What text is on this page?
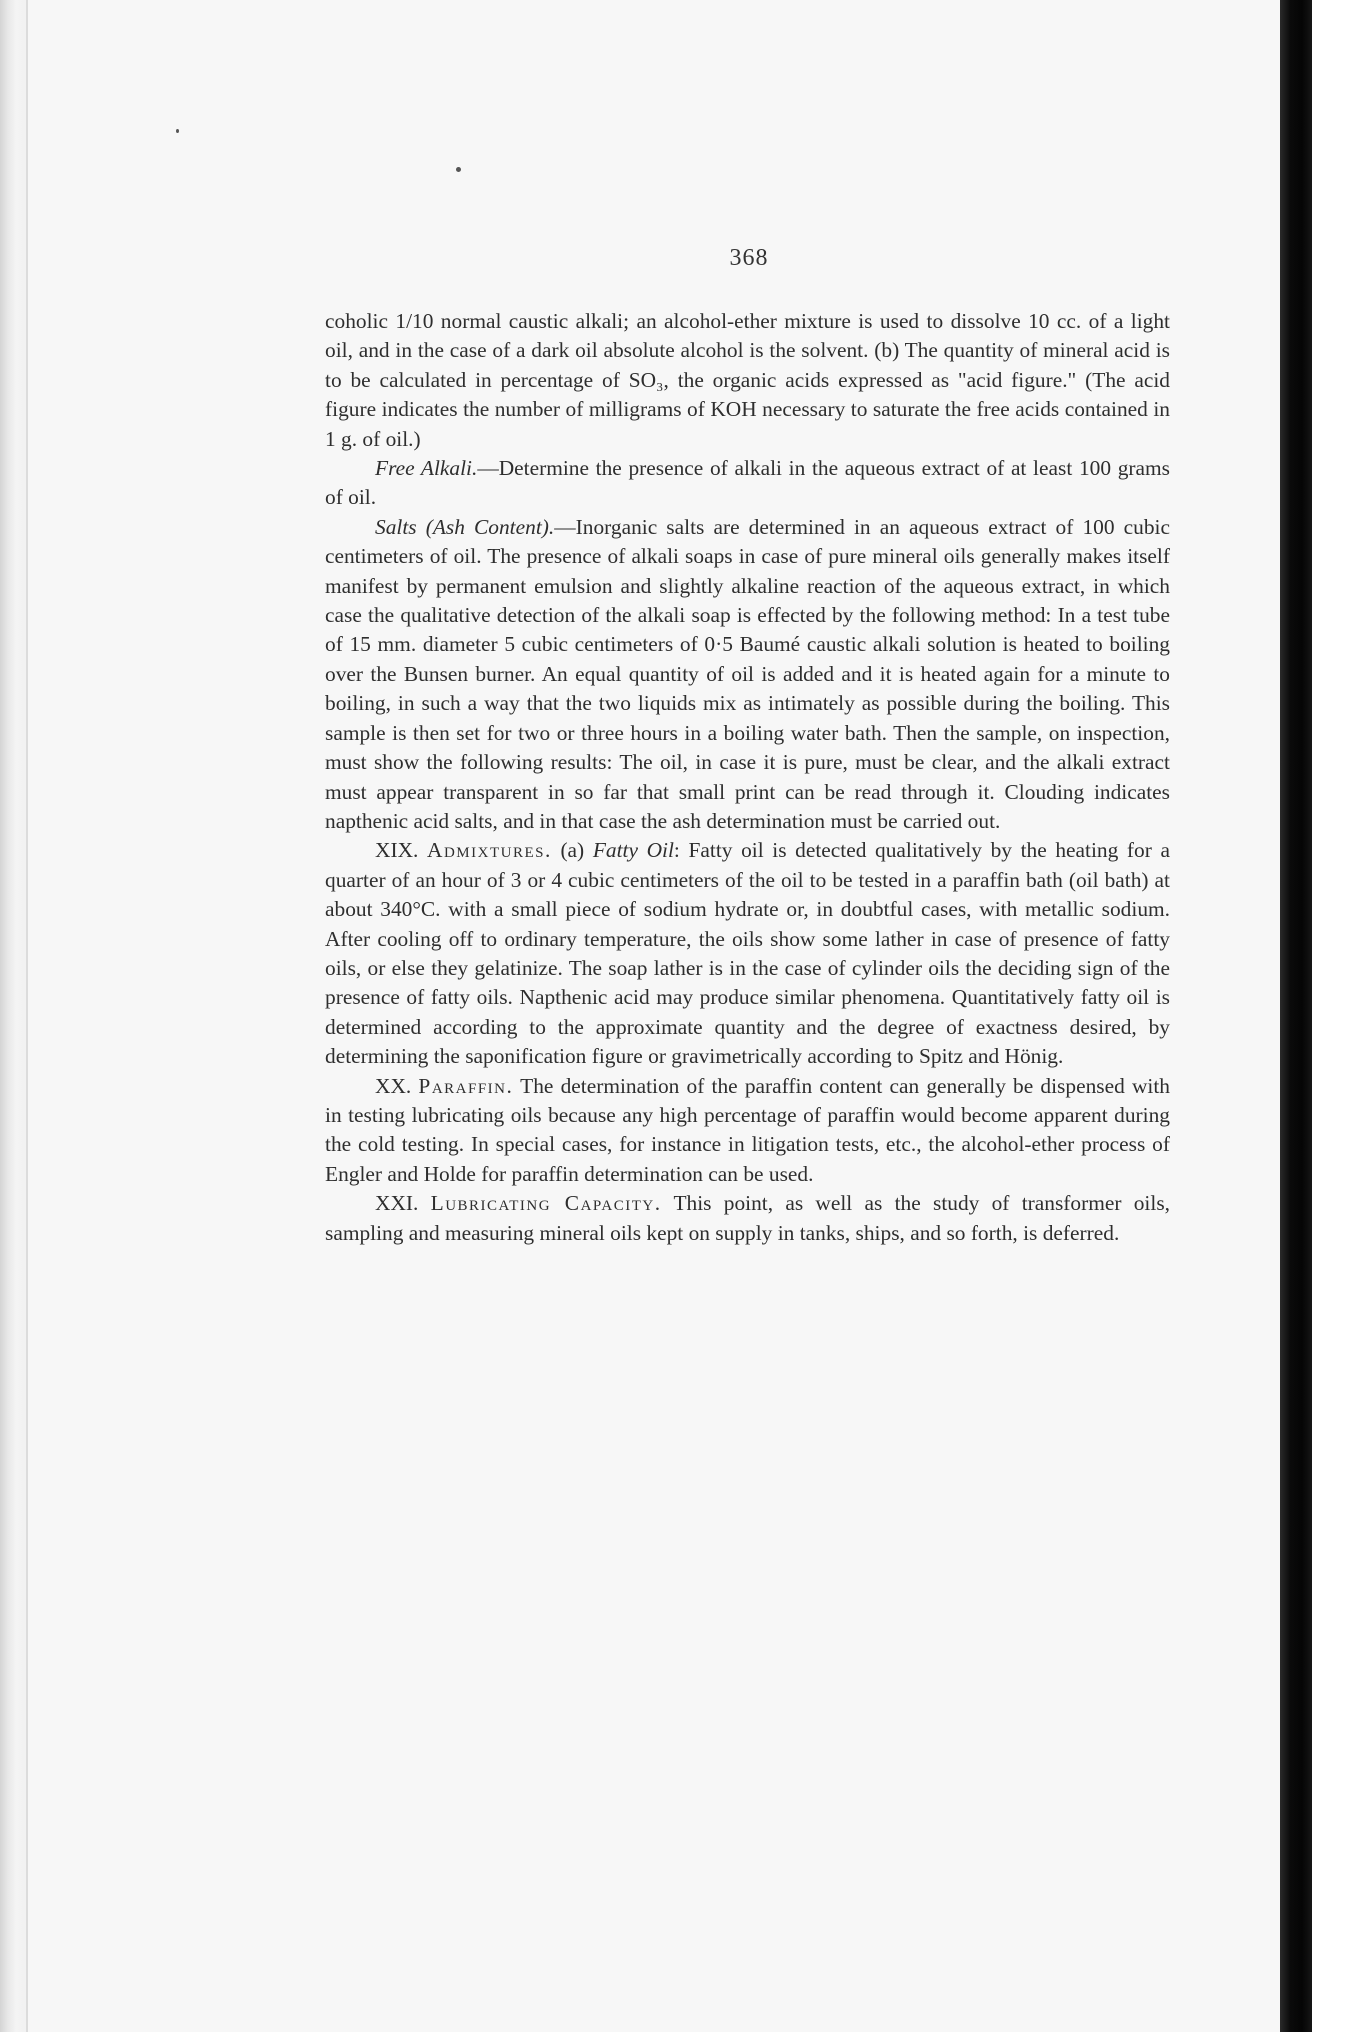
368

coholic 1/10 normal caustic alkali; an alcohol-ether mixture is used to dissolve 10 cc. of a light oil, and in the case of a dark oil absolute alcohol is the solvent. (b) The quantity of mineral acid is to be calculated in percentage of SO₃, the organic acids expressed as "acid figure." (The acid figure indicates the number of milligrams of KOH necessary to saturate the free acids contained in 1 g. of oil.)

Free Alkali.—Determine the presence of alkali in the aqueous extract of at least 100 grams of oil.

Salts (Ash Content).—Inorganic salts are determined in an aqueous extract of 100 cubic centimeters of oil. The presence of alkali soaps in case of pure mineral oils generally makes itself manifest by permanent emulsion and slightly alkaline reaction of the aqueous extract, in which case the qualitative detection of the alkali soap is effected by the following method: In a test tube of 15 mm. diameter 5 cubic centimeters of 0·5 Baumé caustic alkali solution is heated to boiling over the Bunsen burner. An equal quantity of oil is added and it is heated again for a minute to boiling, in such a way that the two liquids mix as intimately as possible during the boiling. This sample is then set for two or three hours in a boiling water bath. Then the sample, on inspection, must show the following results: The oil, in case it is pure, must be clear, and the alkali extract must appear transparent in so far that small print can be read through it. Clouding indicates napthenic acid salts, and in that case the ash determination must be carried out.

XIX. Admixtures. (a) Fatty Oil: Fatty oil is detected qualitatively by the heating for a quarter of an hour of 3 or 4 cubic centimeters of the oil to be tested in a paraffin bath (oil bath) at about 340°C. with a small piece of sodium hydrate or, in doubtful cases, with metallic sodium. After cooling off to ordinary temperature, the oils show some lather in case of presence of fatty oils, or else they gelatinize. The soap lather is in the case of cylinder oils the deciding sign of the presence of fatty oils. Napthenic acid may produce similar phenomena. Quantitatively fatty oil is determined according to the approximate quantity and the degree of exactness desired, by determining the saponification figure or gravimetrically according to Spitz and Hönig.

XX. Paraffin. The determination of the paraffin content can generally be dispensed with in testing lubricating oils because any high percentage of paraffin would become apparent during the cold testing. In special cases, for instance in litigation tests, etc., the alcohol-ether process of Engler and Holde for paraffin determination can be used.

XXI. Lubricating Capacity. This point, as well as the study of transformer oils, sampling and measuring mineral oils kept on supply in tanks, ships, and so forth, is deferred.
